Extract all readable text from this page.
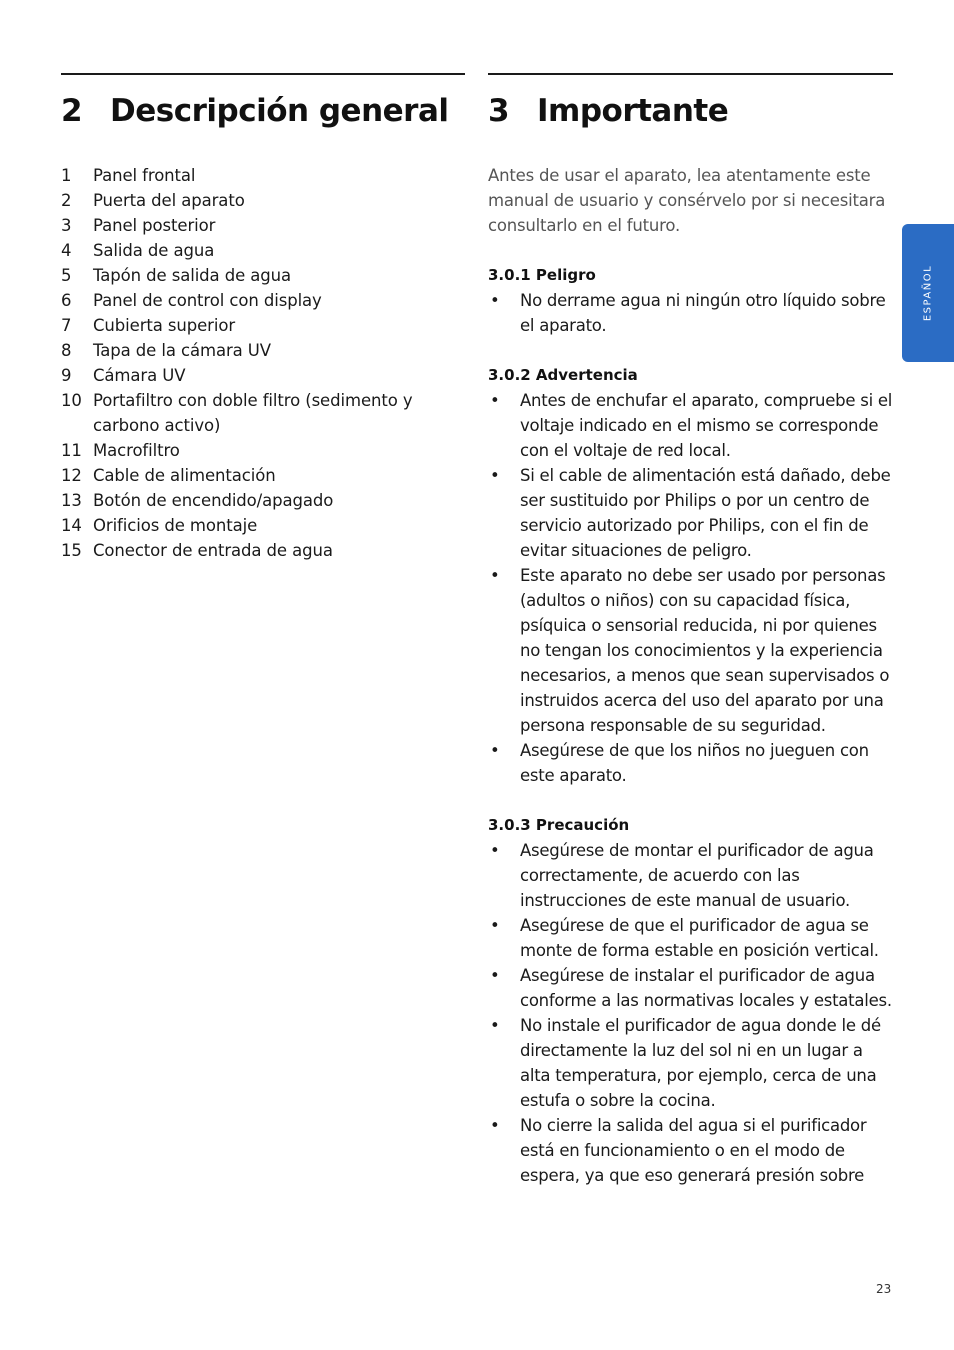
2 Descripción general
1	Panel frontal
2	Puerta del aparato
3	Panel posterior
4	Salida de agua
5	Tapón de salida de agua
6	Panel de control con display
7	Cubierta superior
8	Tapa de la cámara UV
9	Cámara UV
10 Portafiltro con doble filtro (sedimento y carbono activo)
11 Macrofiltro
12 Cable de alimentación
13 Botón de encendido/apagado
14 Orificios de montaje
15 Conector de entrada de agua
3 Importante

Antes de usar el aparato, lea atentamente este manual de usuario y consérvelo por si necesitara consultarlo en el futuro.

3.0.1 Peligro
•	No derrame agua ni ningún otro líquido sobre el aparato.
3.0.2 Advertencia
•	Antes de enchufar el aparato, compruebe si el voltaje indicado en el mismo se corresponde con el voltaje de red local.
•	Si el cable de alimentación está dañado, debe ser sustituido por Philips o por un centro de servicio autorizado por Philips, con el fin de evitar situaciones de peligro.
•	Este aparato no debe ser usado por personas (adultos o niños) con su capacidad física, psíquica o sensorial reducida, ni por quienes no tengan los conocimientos y la experiencia necesarios, a menos que sean supervisados o instruidos acerca del uso del aparato por una persona responsable de su seguridad.
•	Asegúrese de que los niños no jueguen con este aparato.
3.0.3 Precaución
•	Asegúrese de montar el purificador de agua correctamente, de acuerdo con las instrucciones de este manual de usuario.
•	Asegúrese de que el purificador de agua se monte de forma estable en posición vertical.
•	Asegúrese de instalar el purificador de agua conforme a las normativas locales y estatales.
•	No instale el purificador de agua donde le dé directamente la luz del sol ni en un lugar a alta temperatura, por ejemplo, cerca de una estufa o sobre la cocina.
•	No cierre la salida del agua si el purificador está en funcionamiento o en el modo de espera, ya que eso generará presión sobre
ESPAÑOL
23
